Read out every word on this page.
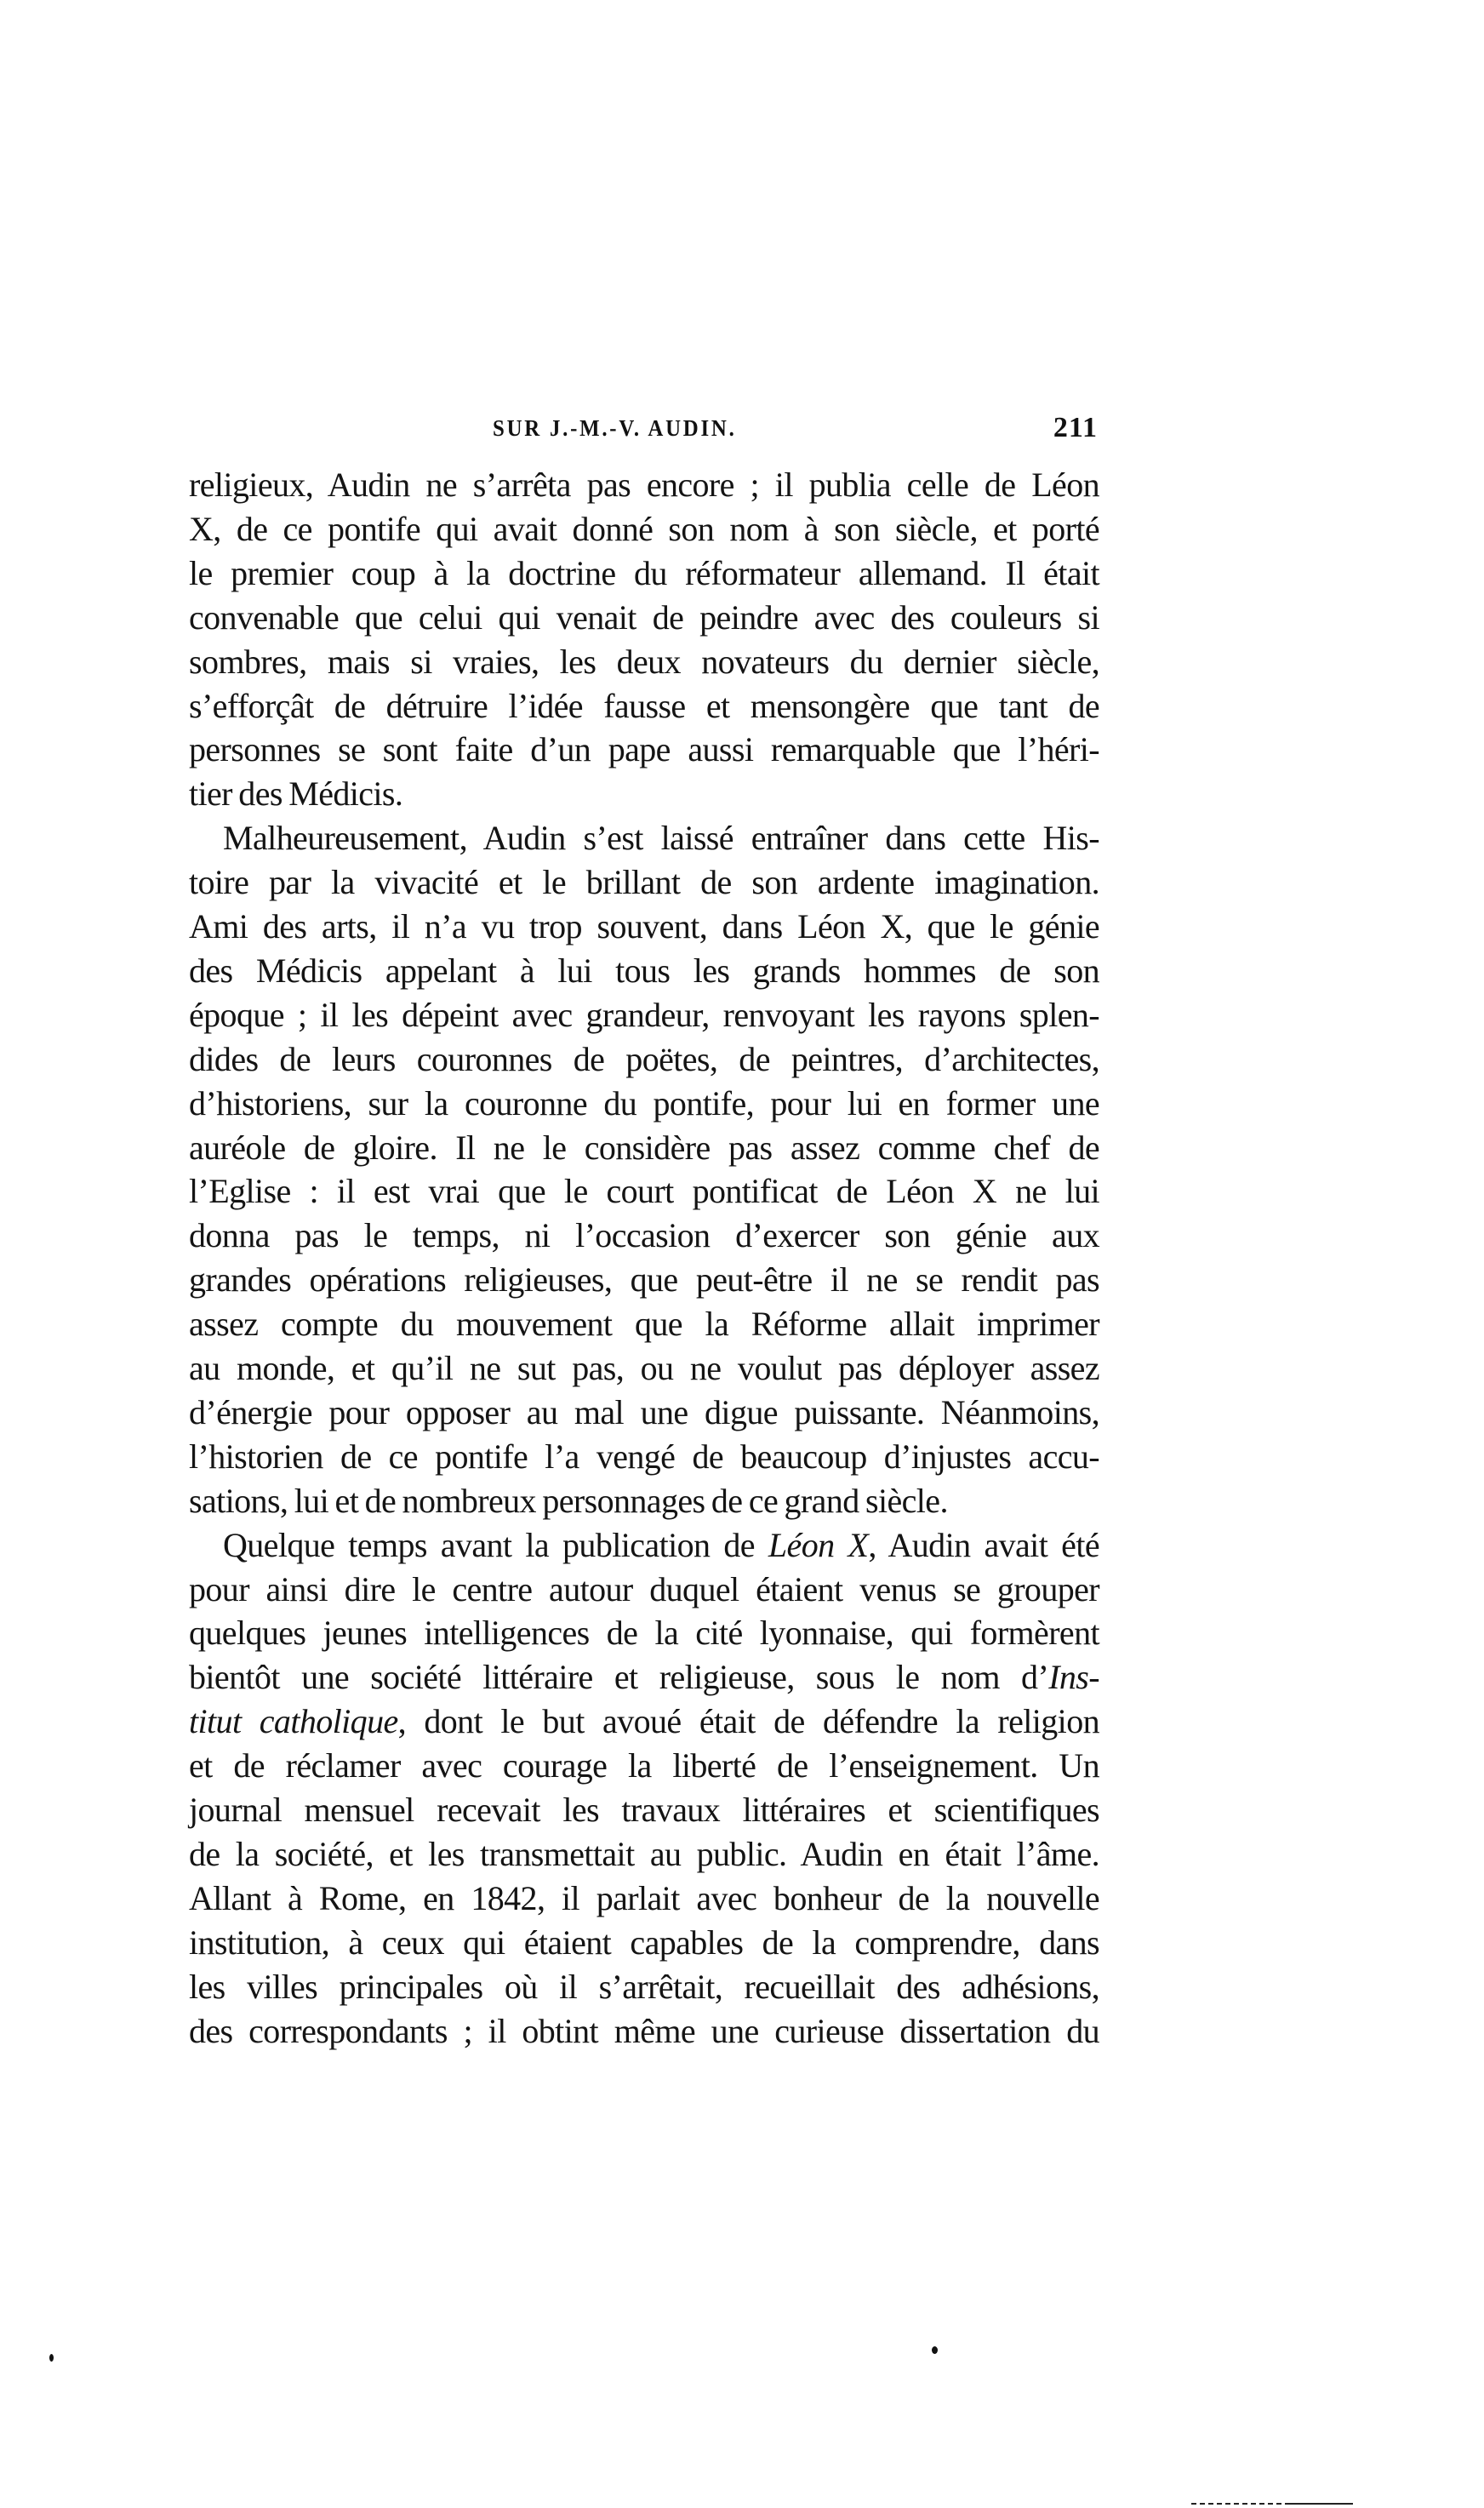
SUR J.-M.-V. AUDIN.	211
religieux, Audin ne s’arrêta pas encore ; il publia celle de Léon
X, de ce pontife qui avait donné son nom à son siècle, et porté
le premier coup à la doctrine du réformateur allemand. Il était
convenable que celui qui venait de peindre avec des couleurs si
sombres, mais si vraies, les deux novateurs du dernier siècle,
s’efforçât de détruire l’idée fausse et mensongère que tant de
personnes se sont faite d’un pape aussi remarquable que l’héri-
tier des Médicis.
Malheureusement, Audin s’est laissé entraîner dans cette His-
toire par la vivacité et le brillant de son ardente imagination.
Ami des arts, il n’a vu trop souvent, dans Léon X, que le génie
des Médicis appelant à lui tous les grands hommes de son
époque ; il les dépeint avec grandeur, renvoyant les rayons splen-
dides de leurs couronnes de poëtes, de peintres, d’architectes,
d’historiens, sur la couronne du pontife, pour lui en former une
auréole de gloire. Il ne le considère pas assez comme chef de
l’Eglise : il est vrai que le court pontificat de Léon X ne lui
donna pas le temps, ni l’occasion d’exercer son génie aux
grandes opérations religieuses, que peut-être il ne se rendit pas
assez compte du mouvement que la Réforme allait imprimer
au monde, et qu’il ne sut pas, ou ne voulut pas déployer assez
d’énergie pour opposer au mal une digue puissante. Néanmoins,
l’historien de ce pontife l’a vengé de beaucoup d’injustes accu-
sations, lui et de nombreux personnages de ce grand siècle.
Quelque temps avant la publication de Léon X, Audin avait été
pour ainsi dire le centre autour duquel étaient venus se grouper
quelques jeunes intelligences de la cité lyonnaise, qui formèrent
bientôt une société littéraire et religieuse, sous le nom d’Ins-
titut catholique, dont le but avoué était de défendre la religion
et de réclamer avec courage la liberté de l’enseignement. Un
journal mensuel recevait les travaux littéraires et scientifiques
de la société, et les transmettait au public. Audin en était l’âme.
Allant à Rome, en 1842, il parlait avec bonheur de la nouvelle
institution, à ceux qui étaient capables de la comprendre, dans
les villes principales où il s’arrêtait, recueillait des adhésions,
des correspondants ; il obtint même une curieuse dissertation du
